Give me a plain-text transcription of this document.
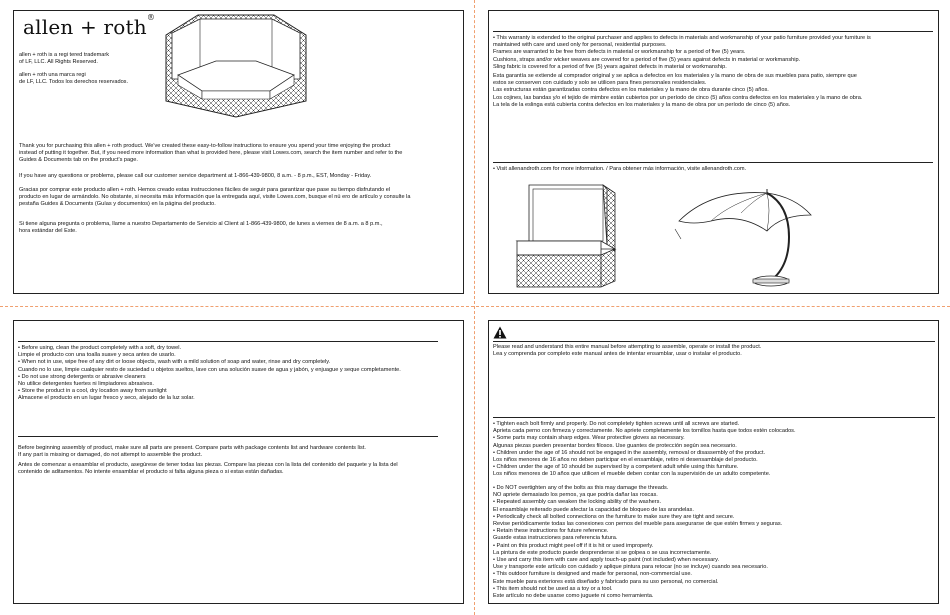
allen + roth®
allen + roth is a regi tered trademark
of LF, LLC. All Rights Reserved.
allen + roth una marca regi
de LF, LLC. Todos los derechos reservados.
Thank you for purchasing this allen + roth product. We've created these easy-to-follow instructions to ensure you spend your time enjoying the product
instead of putting it together. But, if you need more information than what is provided here, please visit Lowes.com, search the item number and refer to the
Guides & Documents tab on the product's page.
If you have any questions or problems, please call our customer service department at 1-866-439-9800, 8 a.m. - 8 p.m., EST, Monday - Friday.
Gracias por comprar este producto allen + roth. Hemos creado estas instrucciones fáciles de seguir para garantizar que pase su tiempo disfrutando el
producto en lugar de armándolo. No obstante, si necesita más información que la entregada aquí, visite Lowes.com, busque el nú ero de artículo y consulte la
pestaña Guides & Documents (Guías y documentos) en la página del producto.
Si tiene alguna pregunta o problema, llame a nuestro Departamento de Servicio al Client al 1-866-439-9800, de lunes a viernes de 8 a.m. a 8 p.m.,
hora estándar del Este.
• This warranty is extended to the original purchaser and applies to defects in materials and workmanship of your patio furniture provided your furniture is
maintained with care and used only for personal, residential purposes.
Frames are warranted to be free from defects in material or workmanship for a period of five (5) years.
Cushions, straps and/or wicker weaves are covered for a period of five (5) years against defects in material or workmanship.
Sling fabric is covered for a period of five (5) years against defects in material or workmanship.
Esta garantía se extiende al comprador original y se aplica a defectos en los materiales y la mano de obra de sus muebles para patio, siempre que
estos se conserven con cuidado y solo se utilicen para fines personales residenciales.
Las estructuras están garantizadas contra defectos en los materiales y la mano de obra durante cinco (5) años.
Los cojines, las bandas y/o el tejido de mimbre están cubiertos por un período de cinco (5) años contra defectos en los materiales y la mano de obra.
La tela de la eslinga está cubierta contra defectos en los materiales y la mano de obra por un período de cinco (5) años.
• Visit allenandroth.com for more information. / Para obtener más información, visite allenandroth.com.
• Before using, clean the product completely with a soft, dry towel.
Limpie el producto con una toalla suave y seca antes de usarlo.
• When not in use, wipe free of any dirt or loose objects, wash with a mild solution of soap and water, rinse and dry completely.
Cuando no lo use, limpie cualquier resto de suciedad u objetos sueltos, lave con una solución suave de agua y jabón, y enjuague y seque completamente.
• Do not use strong detergents or abrasive cleaners
No utilice detergentes fuertes ni limpiadores abrasivos.
• Store the product in a cool, dry location away from sunlight
Almacene el producto en un lugar fresco y seco, alejado de la luz solar.
Before beginning assembly of product, make sure all parts are present. Compare parts with package contents list and hardware contents list.
If any part is missing or damaged, do not attempt to assemble the product.
Antes de comenzar a ensamblar el producto, asegúrese de tener todas las piezas. Compare las piezas con la lista del contenido del paquete y la lista del
contenido de aditamentos. No intente ensamblar el producto si falta alguna pieza o si estas están dañadas.
Please read and understand this entire manual before attempting to assemble, operate or install the product.
Lea y comprenda por completo este manual antes de intentar ensamblar, usar o instalar el producto.
• Tighten each bolt firmly and properly. Do not completely tighten screws until all screws are started.
Aprieta cada perno con firmeza y correctamente. No apriete completamente los tornillos hasta que todos estén colocados.
• Some parts may contain sharp edges. Wear protective gloves as necessary.
Algunas piezas pueden presentar bordes filosos. Use guantes de protección según sea necesario.
• Children under the age of 16 should not be engaged in the assembly, removal or disassembly of the product.
Los niños menores de 16 años no deben participar en el ensamblaje, retiro ni desensamblaje del producto.
• Children under the age of 10 should be supervised by a competent adult while using this furniture.
Los niños menores de 10 años que utilicen el mueble deben contar con la supervisión de un adulto competente.
• Do NOT overtighten any of the bolts as this may damage the threads.
NO apriete demasiado los pernos, ya que podría dañar las roscas.
• Repeated assembly can weaken the locking ability of the washers.
El ensamblaje reiterado puede afectar la capacidad de bloqueo de las arandelas.
• Periodically check all bolted connections on the furniture to make sure they are tight and secure.
Revise periódicamente todas las conexiones con pernos del mueble para asegurarse de que estén firmes y seguras.
• Retain these instructions for future reference.
Guarde estas instrucciones para referencia futura.
• Paint on this product might peel off if it is hit or used improperly.
La pintura de este producto puede desprenderse si se golpea o se usa incorrectamente.
• Use and carry this item with care and apply touch-up paint (not included) when necessary.
Use y transporte este artículo con cuidado y aplique pintura para retocar (no se incluye) cuando sea necesario.
• This outdoor furniture is designed and made for personal, non-commercial use.
Este mueble para exteriores está diseñado y fabricado para su uso personal, no comercial.
• This item should not be used as a toy or a tool.
Este artículo no debe usarse como juguete ni como herramienta.
